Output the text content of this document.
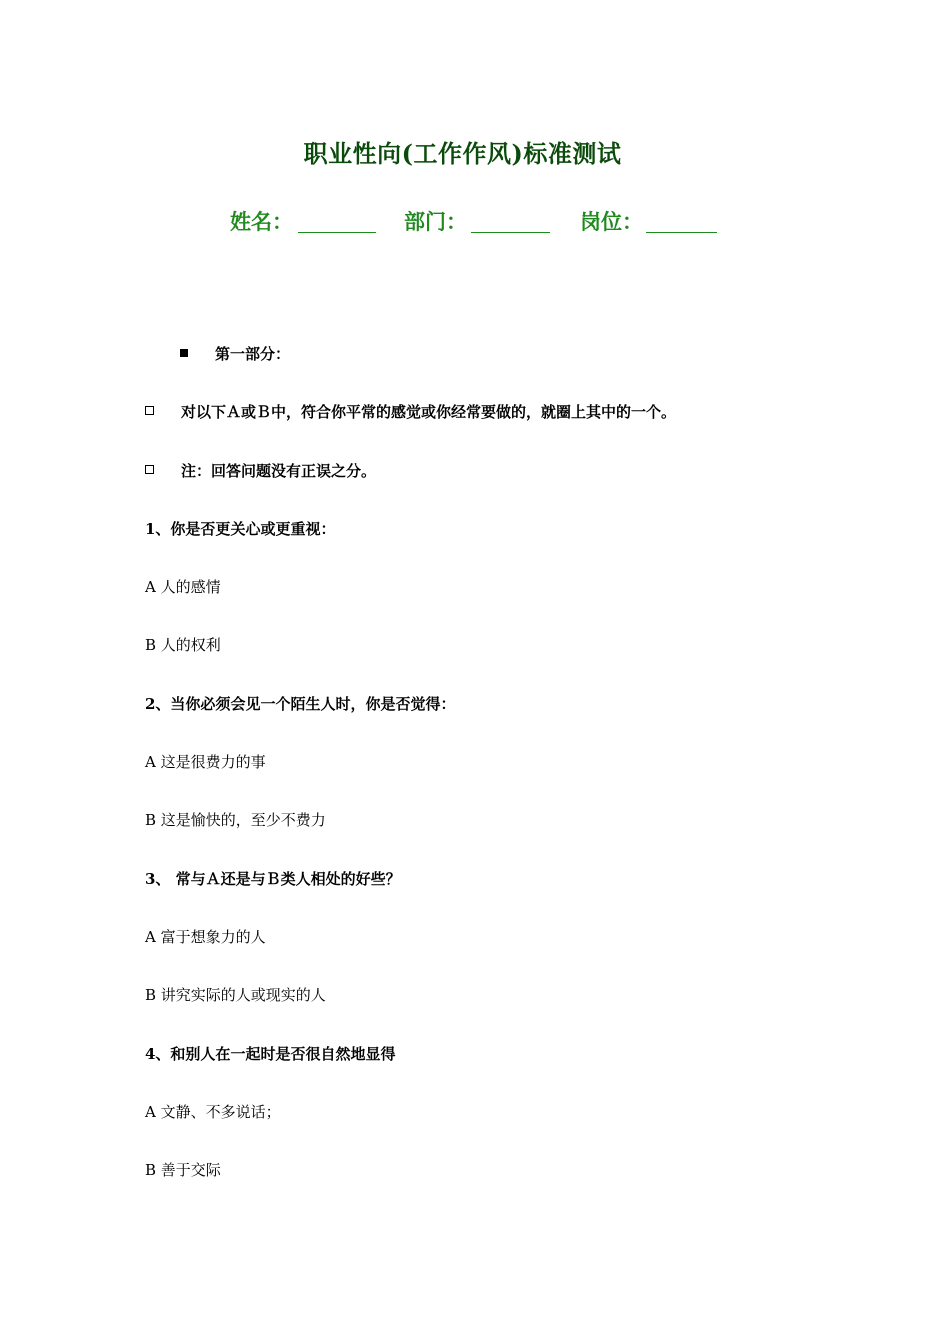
职业性向(工作作风)标准测试
姓名：	部门：	岗位：
第一部分：
对以下Ａ或Ｂ中，符合你平常的感觉或你经常要做的，就圈上其中的一个。
注：回答问题没有正误之分。
1、你是否更关心或更重视：
A 人的感情
B 人的权利
2、当你必须会见一个陌生人时，你是否觉得：
A 这是很费力的事
B 这是愉快的，至少不费力
3、 常与Ａ还是与Ｂ类人相处的好些？
A 富于想象力的人
B 讲究实际的人或现实的人
4、和别人在一起时是否很自然地显得
A 文静、不多说话；
B 善于交际
